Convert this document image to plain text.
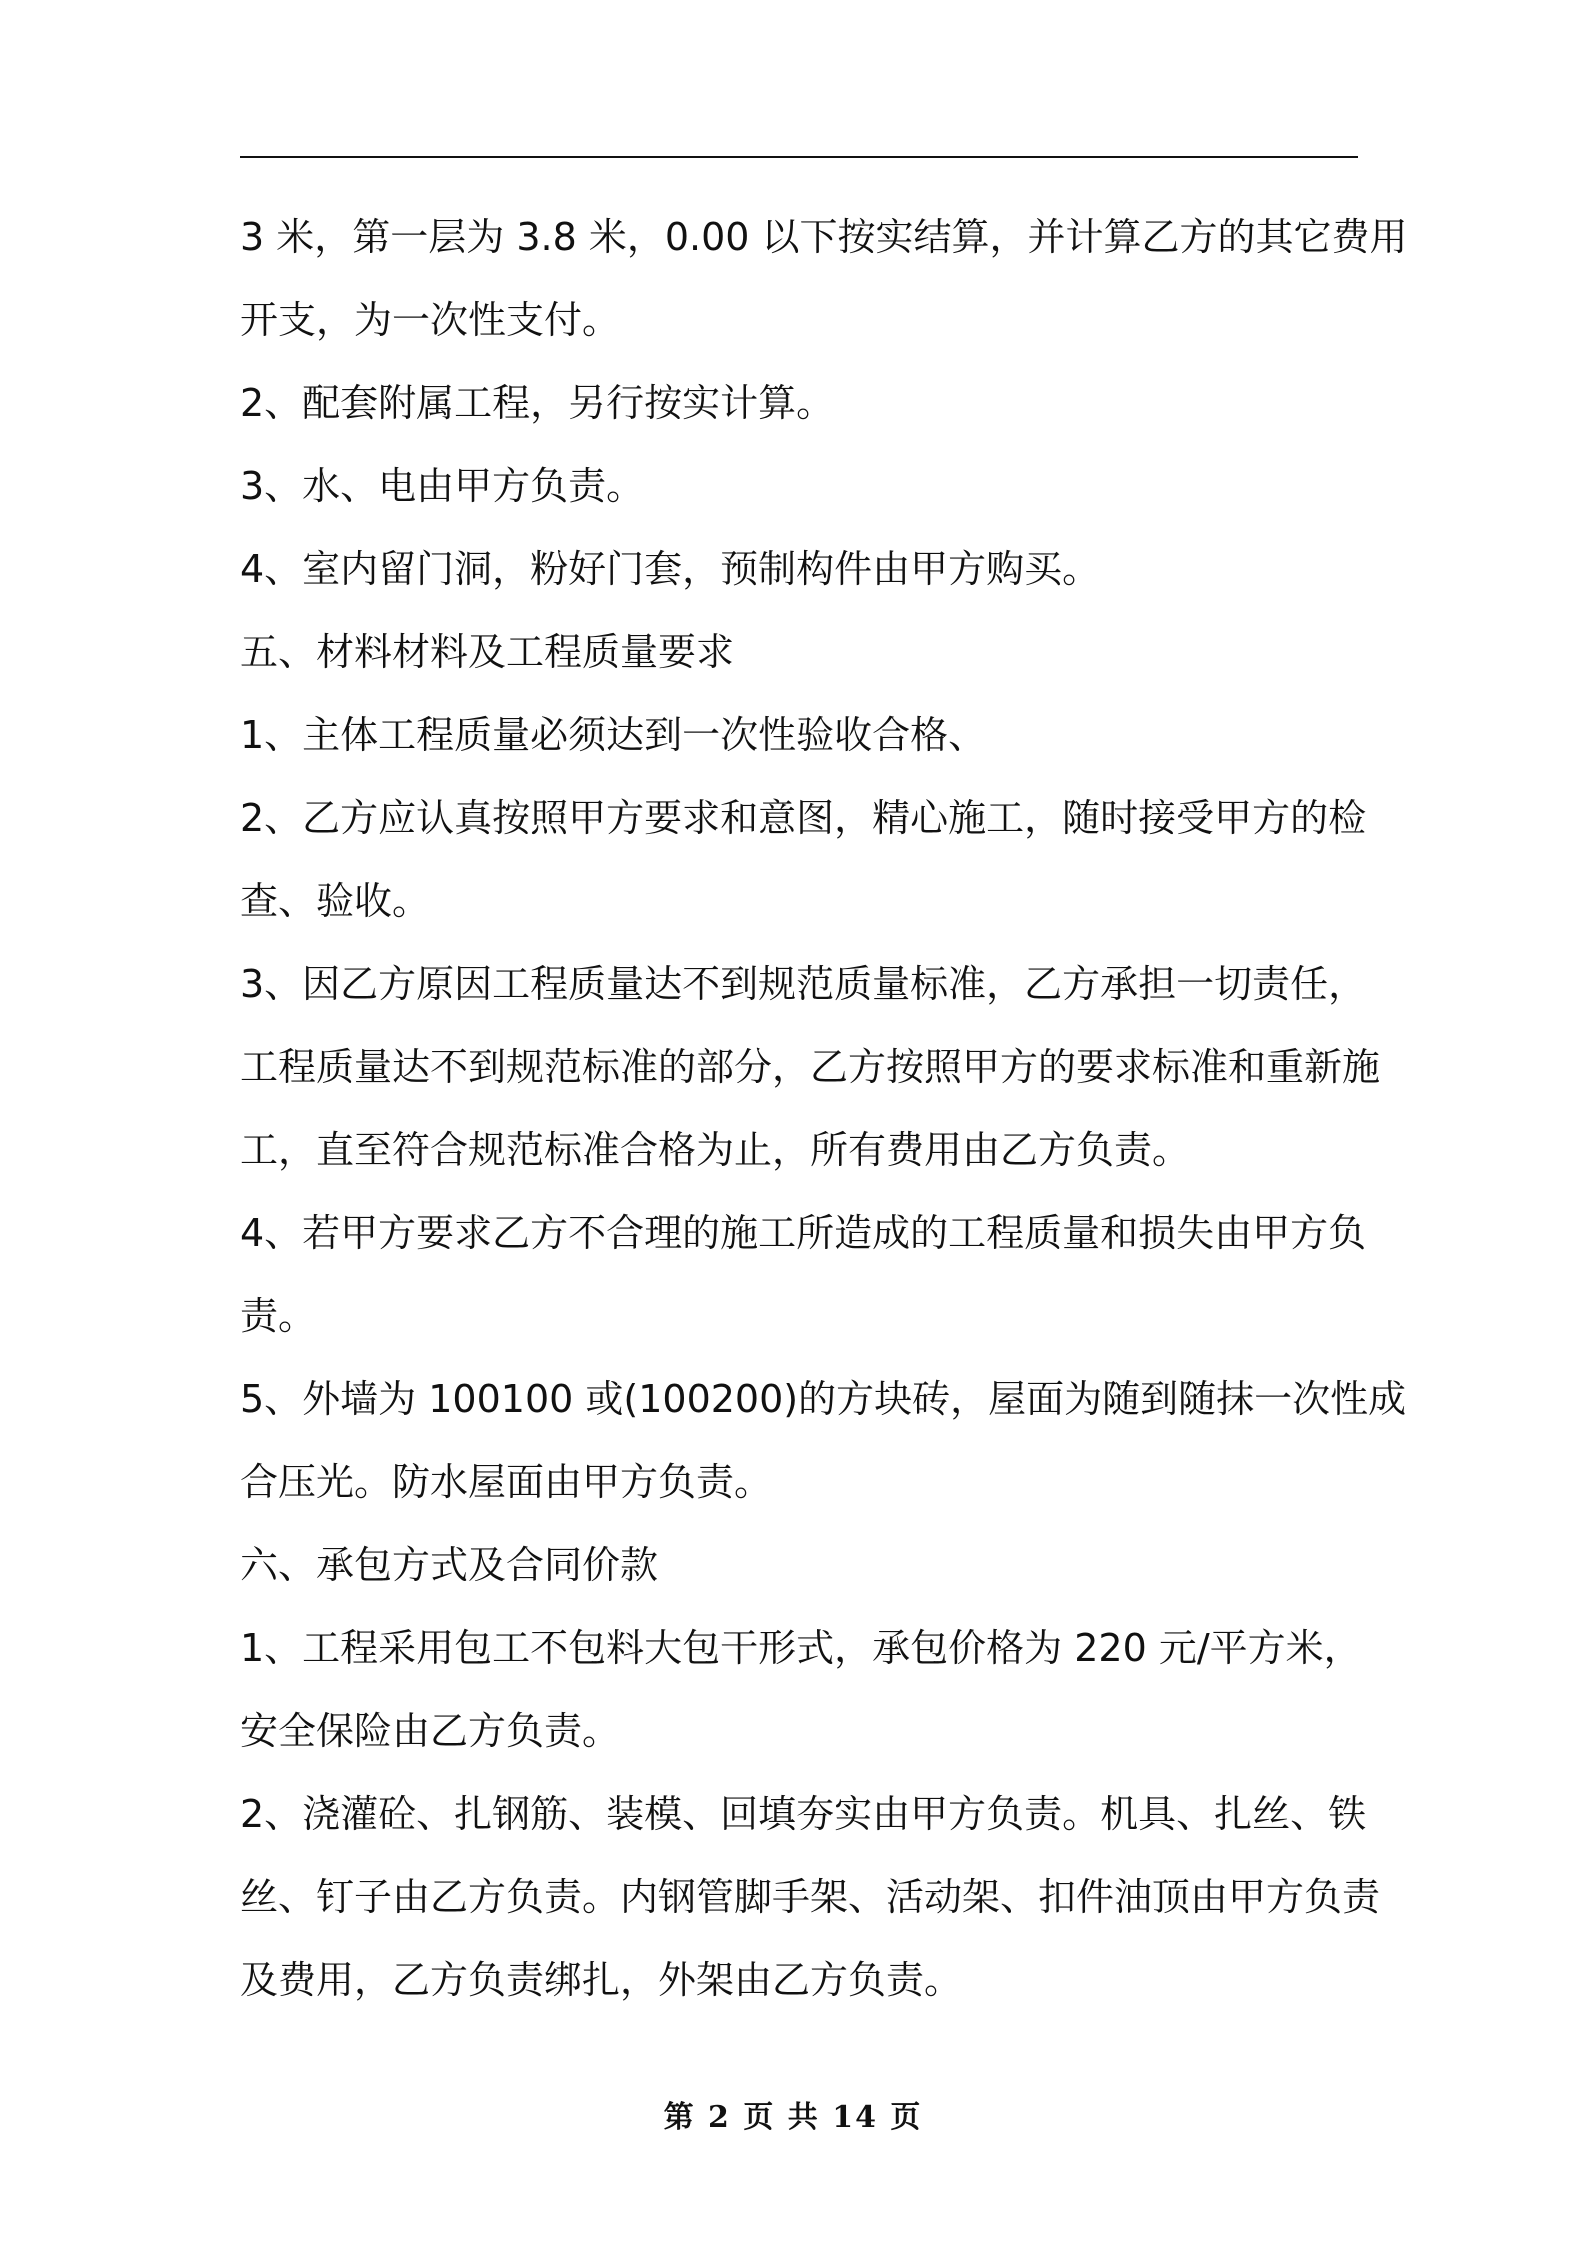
3 米，第一层为 3.8 米，0.00 以下按实结算，并计算乙方的其它费用

开支，为一次性支付。

2、配套附属工程，另行按实计算。

3、水、电由甲方负责。

4、室内留门洞，粉好门套，预制构件由甲方购买。

五、材料材料及工程质量要求

1、主体工程质量必须达到一次性验收合格、

2、乙方应认真按照甲方要求和意图，精心施工，随时接受甲方的检

查、验收。

3、因乙方原因工程质量达不到规范质量标准，乙方承担一切责任，

工程质量达不到规范标准的部分，乙方按照甲方的要求标准和重新施

工，直至符合规范标准合格为止，所有费用由乙方负责。

4、若甲方要求乙方不合理的施工所造成的工程质量和损失由甲方负

责。

5、外墙为 100100 或(100200)的方块砖，屋面为随到随抹一次性成

合压光。防水屋面由甲方负责。

六、承包方式及合同价款

1、工程采用包工不包料大包干形式，承包价格为 220 元/平方米，

安全保险由乙方负责。

2、浇灌砼、扎钢筋、装模、回填夯实由甲方负责。机具、扎丝、铁

丝、钉子由乙方负责。内钢管脚手架、活动架、扣件油顶由甲方负责

及费用，乙方负责绑扎，外架由乙方负责。

第 2 页 共 14 页
